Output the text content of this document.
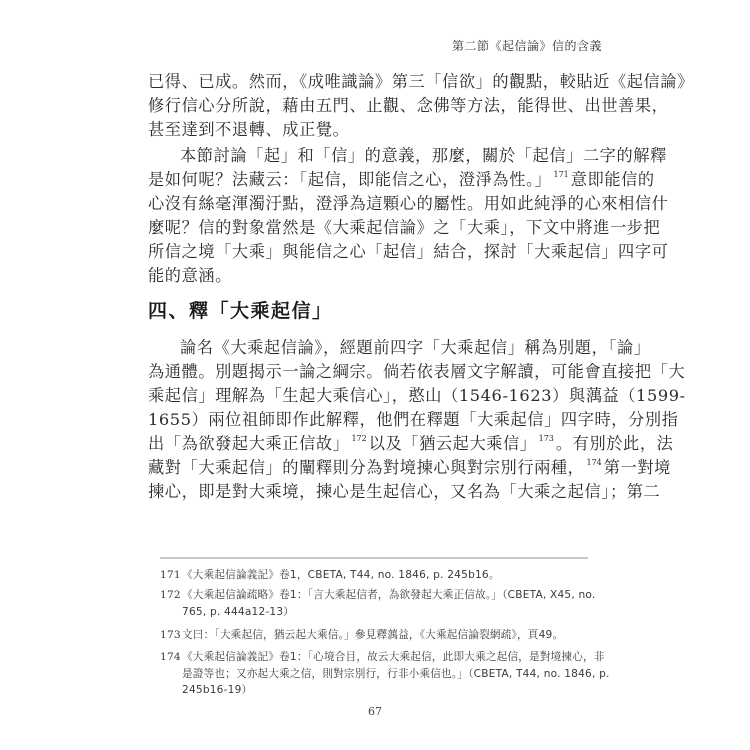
第二節《起信論》信的含義
已得、已成。然而，《成唯識論》第三「信欲」的觀點，較貼近《起信論》
修行信心分所說，藉由五門、止觀、念佛等方法，能得世、出世善果，
甚至達到不退轉、成正覺。
本節討論「起」和「信」的意義，那麼，關於「起信」二字的解釋
是如何呢？法藏云：「起信，即能信之心，澄淨為性。」 $^{171}$ 意即能信的
心沒有絲毫渾濁汙點，澄淨為這顆心的屬性。用如此純淨的心來相信什
麼呢？信的對象當然是《大乘起信論》之「大乘」，下文中將進一步把
所信之境「大乘」與能信之心「起信」結合，探討「大乘起信」四字可
能的意涵。
四、釋「大乘起信」
論名《大乘起信論》，經題前四字「大乘起信」稱為別題，「論」
為通體。別題揭示一論之綱宗。倘若依表層文字解讀，可能會直接把「大
乘起信」理解為「生起大乘信心」，憨山（1546-1623）與蕅益（1599-
1655）兩位祖師即作此解釋，他們在釋題「大乘起信」四字時，分別指
出「為欲發起大乘正信故」 $^{172}$ 以及「猶云起大乘信」 $^{173}$ 。有別於此，法
藏對「大乘起信」的闡釋則分為對境揀心與對宗別行兩種， $^{174}$ 第一對境
揀心，即是對大乘境，揀心是生起信心，又名為「大乘之起信」；第二
171《大乘起信論義記》卷1，CBETA, T44, no. 1846, p. 245b16。
172《大乘起信論疏略》卷1：「言大乘起信者，為欲發起大乘正信故。」（CBETA, X45, no.
765, p. 444a12-13）
173文曰：「大乘起信，猶云起大乘信。」參見釋蕅益，《大乘起信論裂網疏》，頁49。
174《大乘起信論義記》卷1：「心境合目，故云大乘起信，此即大乘之起信，是對境揀心，非
是證等也；又亦起大乘之信，則對宗別行，行非小乘信也。」（CBETA, T44, no. 1846, p.
245b16-19）
67
